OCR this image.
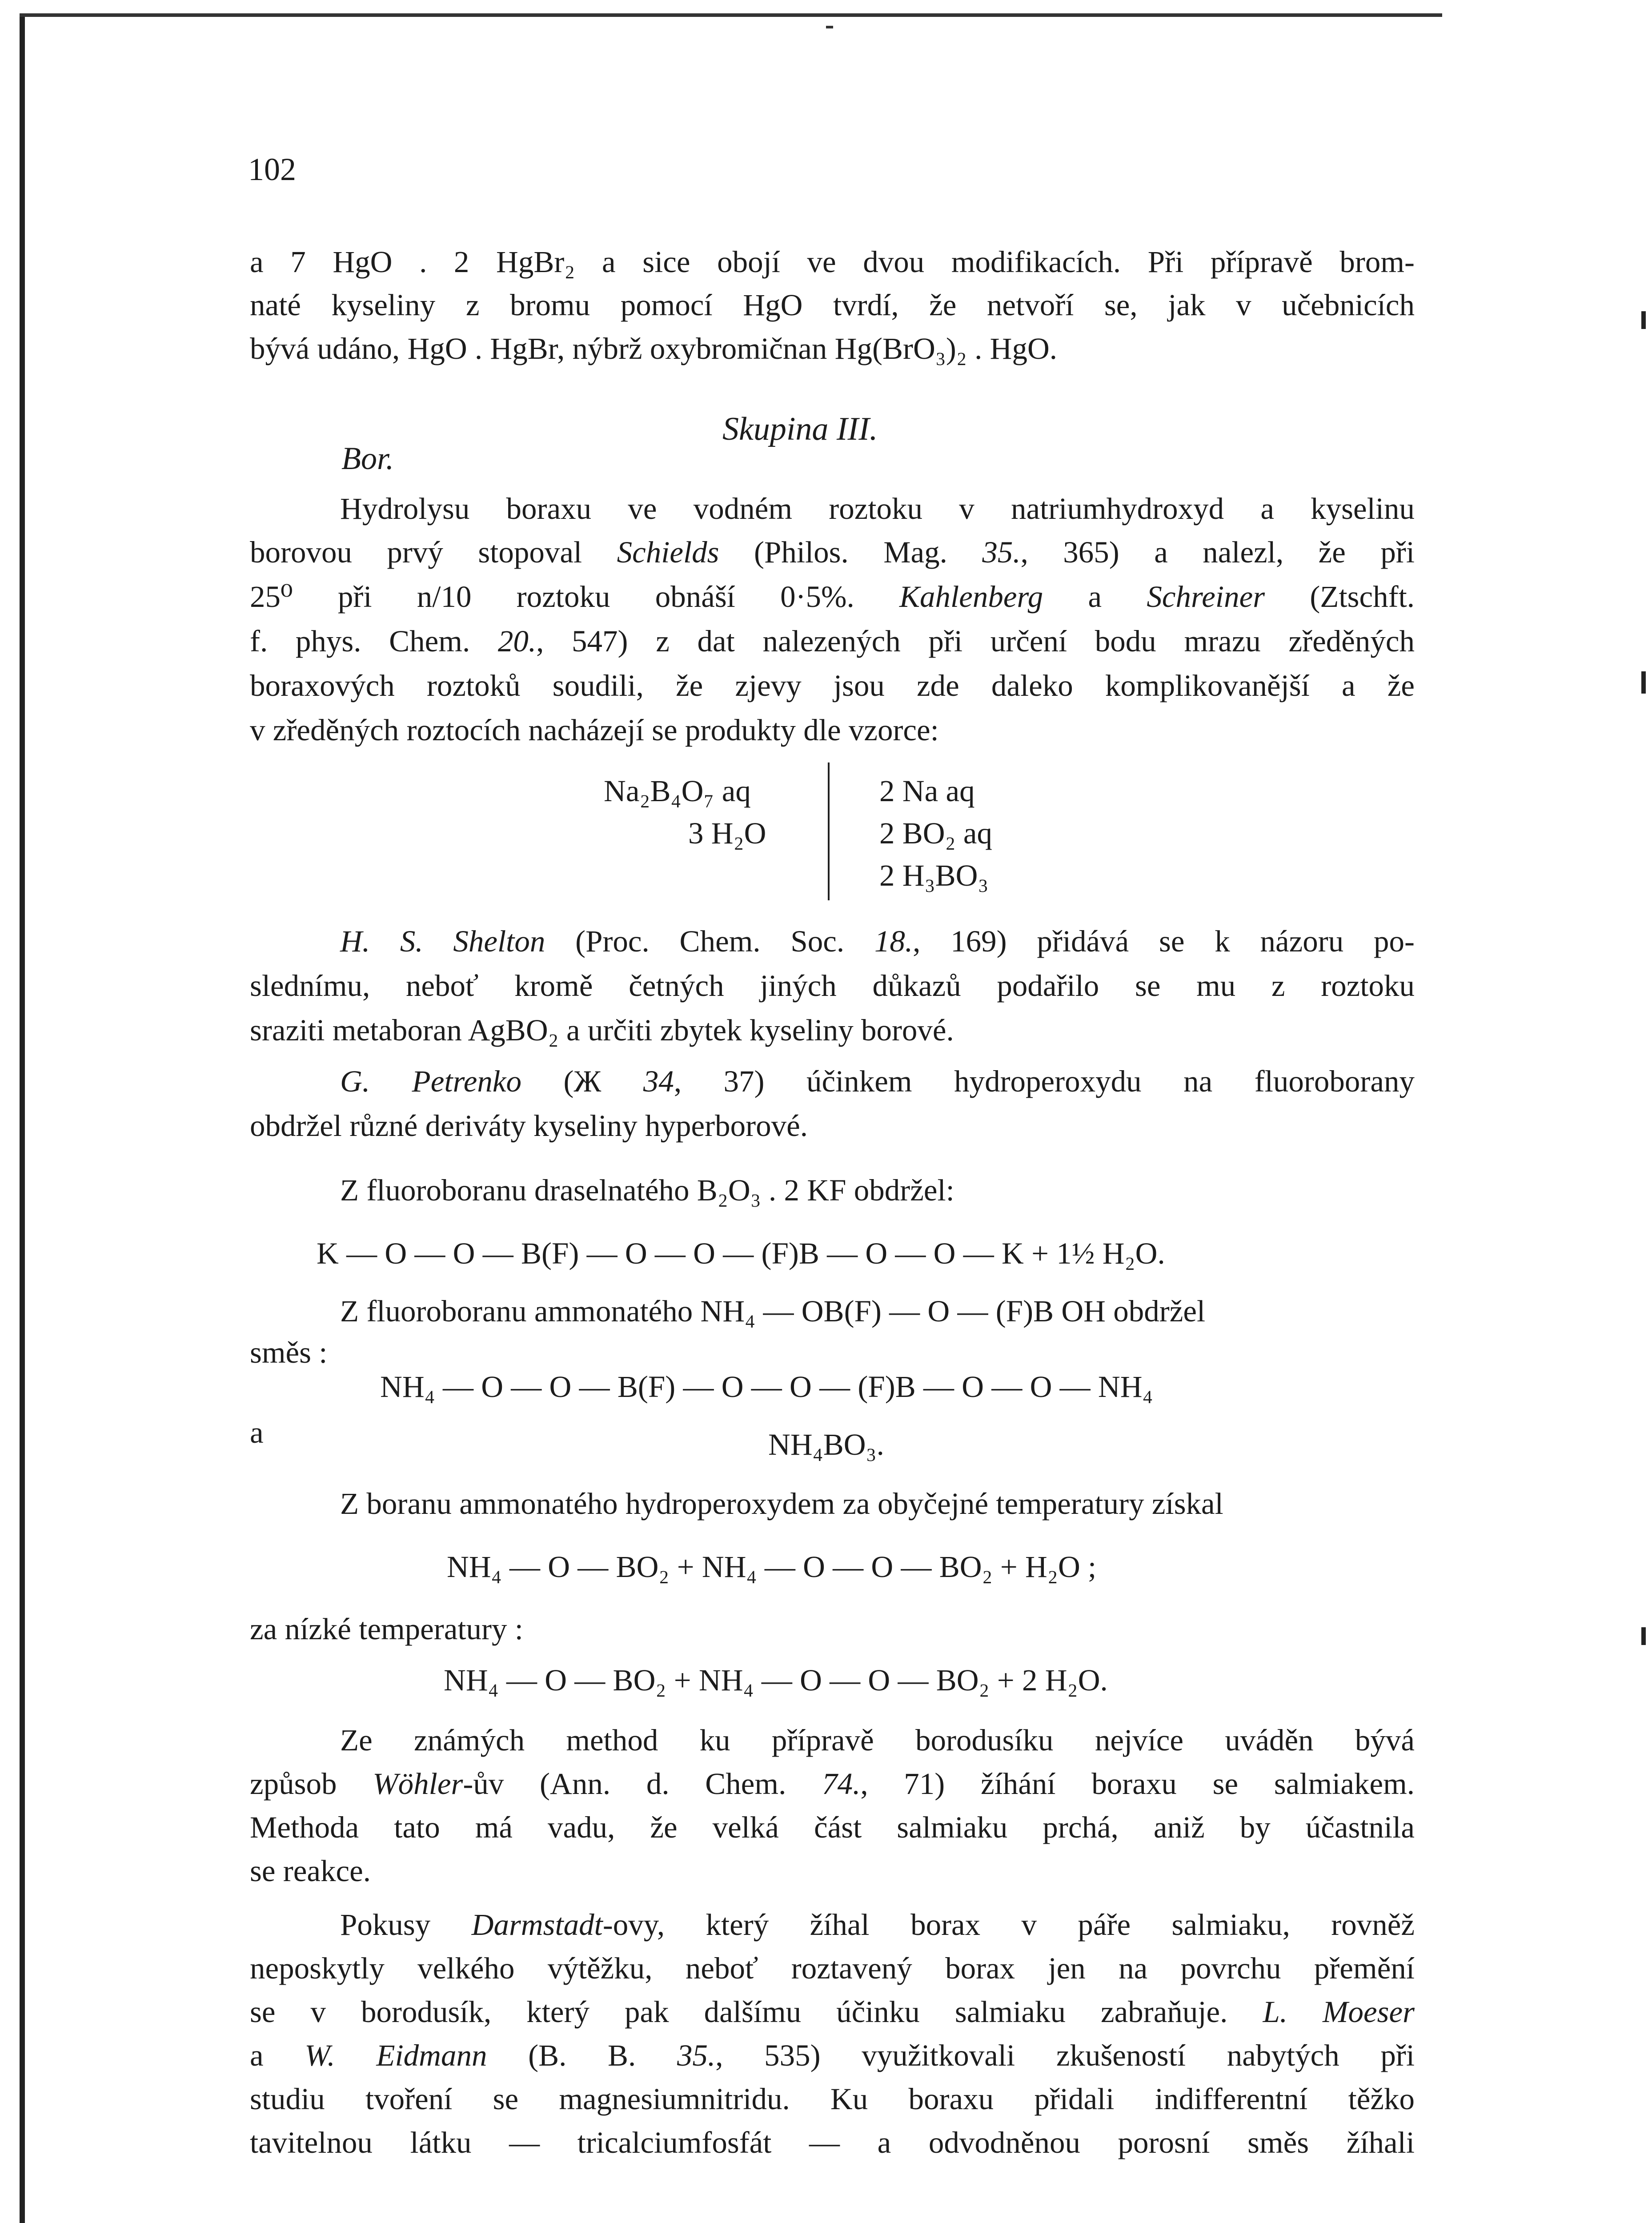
102
a 7 HgO . 2 HgBr₂ a sice obojí ve dvou modifikacích. Při přípravě brom-
naté kyseliny z bromu pomocí HgO tvrdí, že netvoří se, jak v učebnicích
bývá udáno, HgO . HgBr, nýbrž oxybromičnan Hg(BrO₃)₂ . HgO.
Skupina III.
Bor.
Hydrolysu boraxu ve vodném roztoku v natriumhydroxyd a kyselinu
borovou prvý stopoval Schields (Philos. Mag. 35., 365) a nalezl, že při
25⁰ při n/10 roztoku obnáší 0·5%. Kahlenberg a Schreiner (Ztschft.
f. phys. Chem. 20., 547) z dat nalezených při určení bodu mrazu zředěných
boraxových roztoků soudili, že zjevy jsou zde daleko komplikovanější a že
v zředěných roztocích nacházejí se produkty dle vzorce:
Na₂B₄O₇ aq
3 H₂O
2 Na aq
2 BO₂ aq
2 H₃BO₃
H. S. Shelton (Proc. Chem. Soc. 18., 169) přidává se k názoru po-
slednímu, neboť kromě četných jiných důkazů podařilo se mu z roztoku
sraziti metaboran AgBO₂ a určiti zbytek kyseliny borové.
G. Petrenko (Ж 34, 37) účinkem hydroperoxydu na fluoroborany
obdržel různé deriváty kyseliny hyperborové.
Z fluoroboranu draselnatého B₂O₃ . 2 KF obdržel:
K — O — O — B(F) — O — O — (F)B — O — O — K + 1½ H₂O.
Z fluoroboranu ammonatého NH₄ — OB(F) — O — (F)B OH obdržel
směs :
NH₄ — O — O — B(F) — O — O — (F)B — O — O — NH₄
a	NH₄BO₃.
Z boranu ammonatého hydroperoxydem za obyčejné temperatury získal
NH₄ — O — BO₂ + NH₄ — O — O — BO₂ + H₂O ;
za nízké temperatury :
NH₄ — O — BO₂ + NH₄ — O — O — BO₂ + 2 H₂O.
Ze známých method ku přípravě borodusíku nejvíce uváděn bývá
způsob Wöhler-ův (Ann. d. Chem. 74., 71) žíhání boraxu se salmiakem.
Methoda tato má vadu, že velká část salmiaku prchá, aniž by účastnila
se reakce.
Pokusy Darmstadt-ovy, který žíhal borax v páře salmiaku, rovněž
neposkytly velkého výtěžku, neboť roztavený borax jen na povrchu přemění
se v borodusík, který pak dalšímu účinku salmiaku zabraňuje. L. Moeser
a W. Eidmann (B. B. 35., 535) využitkovali zkušeností nabytých při
studiu tvoření se magnesiumnitridu. Ku boraxu přidali indifferentní těžko
tavitelnou látku — tricalciumfosfát — a odvodněnou porosní směs žíhali
